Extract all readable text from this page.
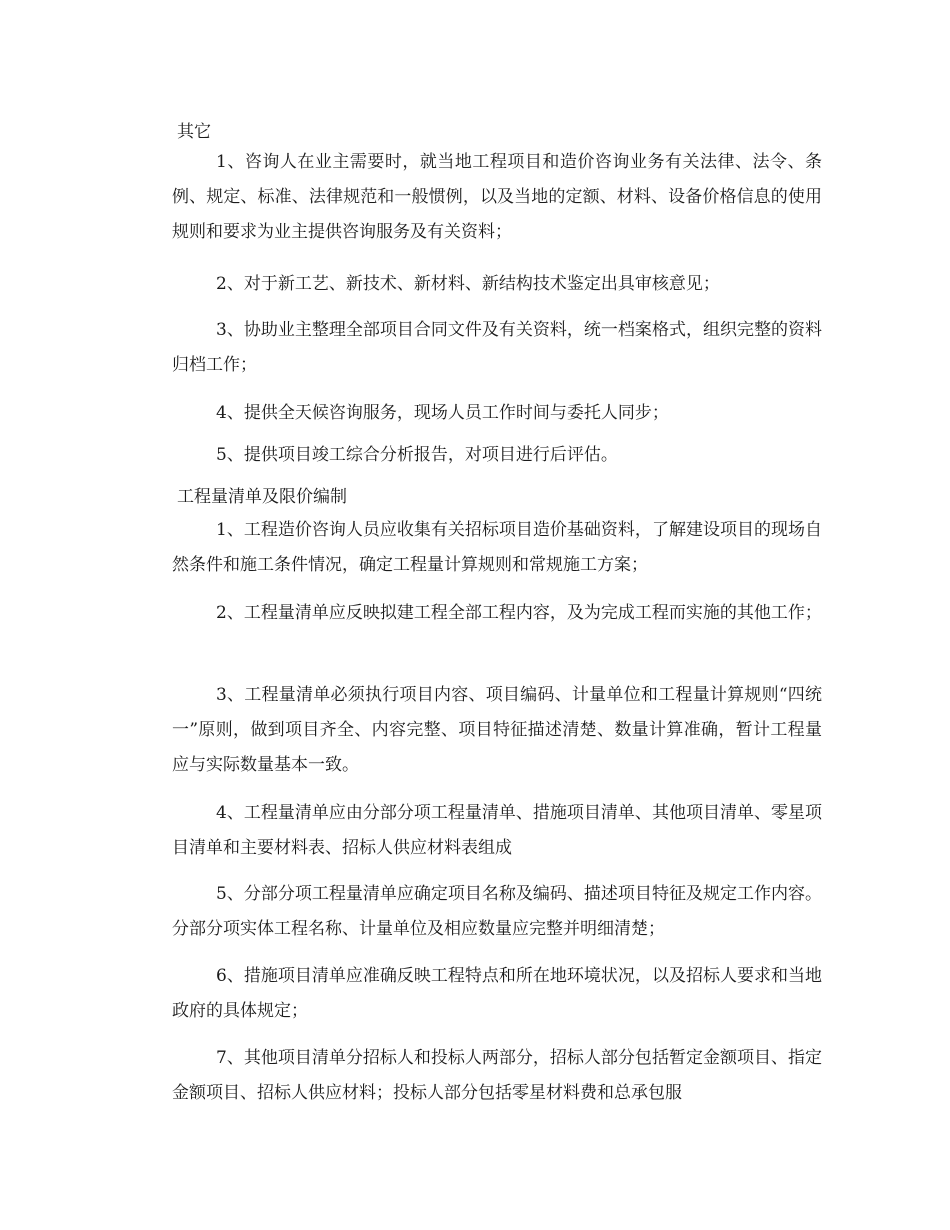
其它

1、咨询人在业主需要时，就当地工程项目和造价咨询业务有关法律、法令、条例、规定、标准、法律规范和一般惯例，以及当地的定额、材料、设备价格信息的使用规则和要求为业主提供咨询服务及有关资料；

2、对于新工艺、新技术、新材料、新结构技术鉴定出具审核意见；

3、协助业主整理全部项目合同文件及有关资料，统一档案格式，组织完整的资料归档工作；

4、提供全天候咨询服务，现场人员工作时间与委托人同步；

5、提供项目竣工综合分析报告，对项目进行后评估。

工程量清单及限价编制

1、工程造价咨询人员应收集有关招标项目造价基础资料，了解建设项目的现场自然条件和施工条件情况，确定工程量计算规则和常规施工方案；

2、工程量清单应反映拟建工程全部工程内容，及为完成工程而实施的其他工作；

3、工程量清单必须执行项目内容、项目编码、计量单位和工程量计算规则“四统一”原则，做到项目齐全、内容完整、项目特征描述清楚、数量计算准确，暂计工程量应与实际数量基本一致。

4、工程量清单应由分部分项工程量清单、措施项目清单、其他项目清单、零星项目清单和主要材料表、招标人供应材料表组成

5、分部分项工程量清单应确定项目名称及编码、描述项目特征及规定工作内容。分部分项实体工程名称、计量单位及相应数量应完整并明细清楚；

6、措施项目清单应准确反映工程特点和所在地环境状况，以及招标人要求和当地政府的具体规定；

7、其他项目清单分招标人和投标人两部分，招标人部分包括暂定金额项目、指定金额项目、招标人供应材料；投标人部分包括零星材料费和总承包服
